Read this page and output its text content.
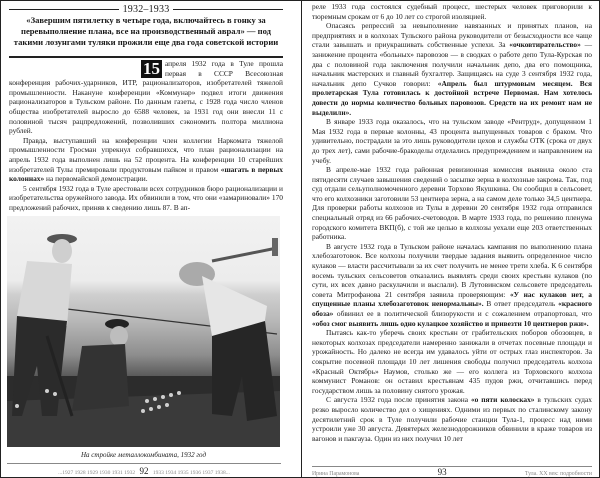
1932–1933
«Завершим пятилетку в четыре года, включайтесь в гонку за перевыполнение плана, все на производственный аврал» — под такими лозунгами туляки прожили еще два года советской истории

15 апреля 1932 года в Туле прошла первая в СССР Всесоюзная конференция рабочих-ударников, ИТР, рационализаторов, изобретателей тяжелой промышленности. Накануне конференции «Коммунар» подвел итоги движения рационализаторов в Тульском районе. По данным газеты, с 1928 года число членов общества изобретателей выросло до 6588 человек, за 1931 год они внесли 11 с половиной тысяч рацпредложений, позволивших сэкономить полтора миллиона рублей.

Правда, выступавший на конференции член коллегии Наркомата тяжелой промышленности Гросман упрекнул собравшихся, что план рационализации на апрель 1932 года выполнен лишь на 52 процента. На конференции 10 старейших изобретателей Тулы премировали продуктовым пайком и правом «шагать в первых колоннах» на первомайской демонстрации.

5 сентября 1932 года в Туле арестовали всех сотрудников бюро рационализации и изобретательства оружейного завода. Их обвинили в том, что они «замариновали» 170 предложений рабочих, приняв к сведению лишь 87. В ап-

На стройке металлокомбината, 1932 год
...1927 1928 1929 1930 1931 1932 92 1933 1934 1935 1936 1937 1938...

реле 1933 года состоялся судебный процесс, шестерых человек приговорили к тюремным срокам от 6 до 10 лет со строгой изоляцией.

Опасаясь репрессий за невыполнение навязанных и принятых планов, на предприятиях и в колхозах Тульского района руководители от безысходности все чаще стали завышать и приукрашивать собственные успехи. За «очковтирательство» — занижение процента «больных» паровозов — в сводках о работе депо Тула-Курская по два с половиной года заключения получили начальник депо, два его помощника, начальник мастерских и главный бухгалтер. Защищаясь на суде 3 сентября 1932 года, начальник депо Сучков говорил: «Апрель был штурмовым месяцем. Вся пролетарская Тула готовилась к достойной встрече Первомая. Нам хотелось довести до нормы количество больных паровозов. Средств на их ремонт нам не выделили».

В январе 1933 года оказалось, что на тульском заводе «Рентруд», допущенном 1 Мая 1932 года в первые колонны, 43 процента выпущенных товаров с браком. Что удивительно, пострадали за это лишь руководители цехов и службы ОТК (срока от двух до трех лет), сами рабочие-бракоделы отделались предупреждением и направлением на учебу.

В апреле-мае 1932 года районная ревизионная комиссия выявила около ста пятидесяти случаев завышения сведений о засыпке зерна в колхозные закрома. Так, под суд отдали сельуполномоченного деревни Торхово Якушкина. Он сообщил в сельсовет, что его колхозники заготовили 53 центнера зерна, а на самом деле только 34,5 центнера. Для проверки работы колхозов из Тулы в деревни 20 сентября 1932 года отправился специальный отряд из 66 рабочих-счетоводов. В марте 1933 года, по решению пленума городского комитета ВКП(б), с той же целью в колхозы уехали еще 203 ответственных работника.

В августе 1932 года в Тульском районе началась кампания по выполнению плана хлебозаготовок. Все колхозы получили твердые задания выявить определенное число кулаков — власти рассчитывали за их счет получить не менее трети хлеба. К 6 сентября восемь тульских сельсоветов отказались выявлять среди своих крестьян кулаков (по сути, их всех давно раскулачили и выслали). В Лутовинском сельсовете председатель совета Митрофанова 21 сентября заявила проверяющим: «У нас кулаков нет, а спущенные планы хлебозаготовок ненормальны». В ответ председатель «красного обоза» обвинил ее в политической близорукости и с сожалением отрапортовал, что «обоз смог выявить лишь одно кулацкое хозяйство и привезти 10 центнеров ржи».

Пытаясь как-то уберечь своих крестьян от грабительских поборов обозовцев, в некоторых колхозах председатели намеренно занижали в отчетах посевные площади и урожайность. Но далеко не всегда им удавалось уйти от острых глаз инспекторов. За сокрытие посевной площади 10 лет лишения свободы получил председатель колхоза «Красный Октябрь» Наумов, столько же — его коллега из Торховского колхоза коммунист Романов: он оставил крестьянам 435 пудов ржи, отчитавшись перед государством лишь за половину снятого урожая.

С августа 1932 года после принятия закона «о пяти колосках» в тульских судах резко выросло количество дел о хищениях. Одними из первых по сталинскому закону десятилетний срок в Туле получили рабочие станции Тула-1, процесс над ними устроили уже 30 августа. Девятерых железнодорожников обвинили в краже товаров из вагонов и пакгауза. Один из них получил 10 лет

Ирина Парамонова	93	Тула. XX век: подробности
